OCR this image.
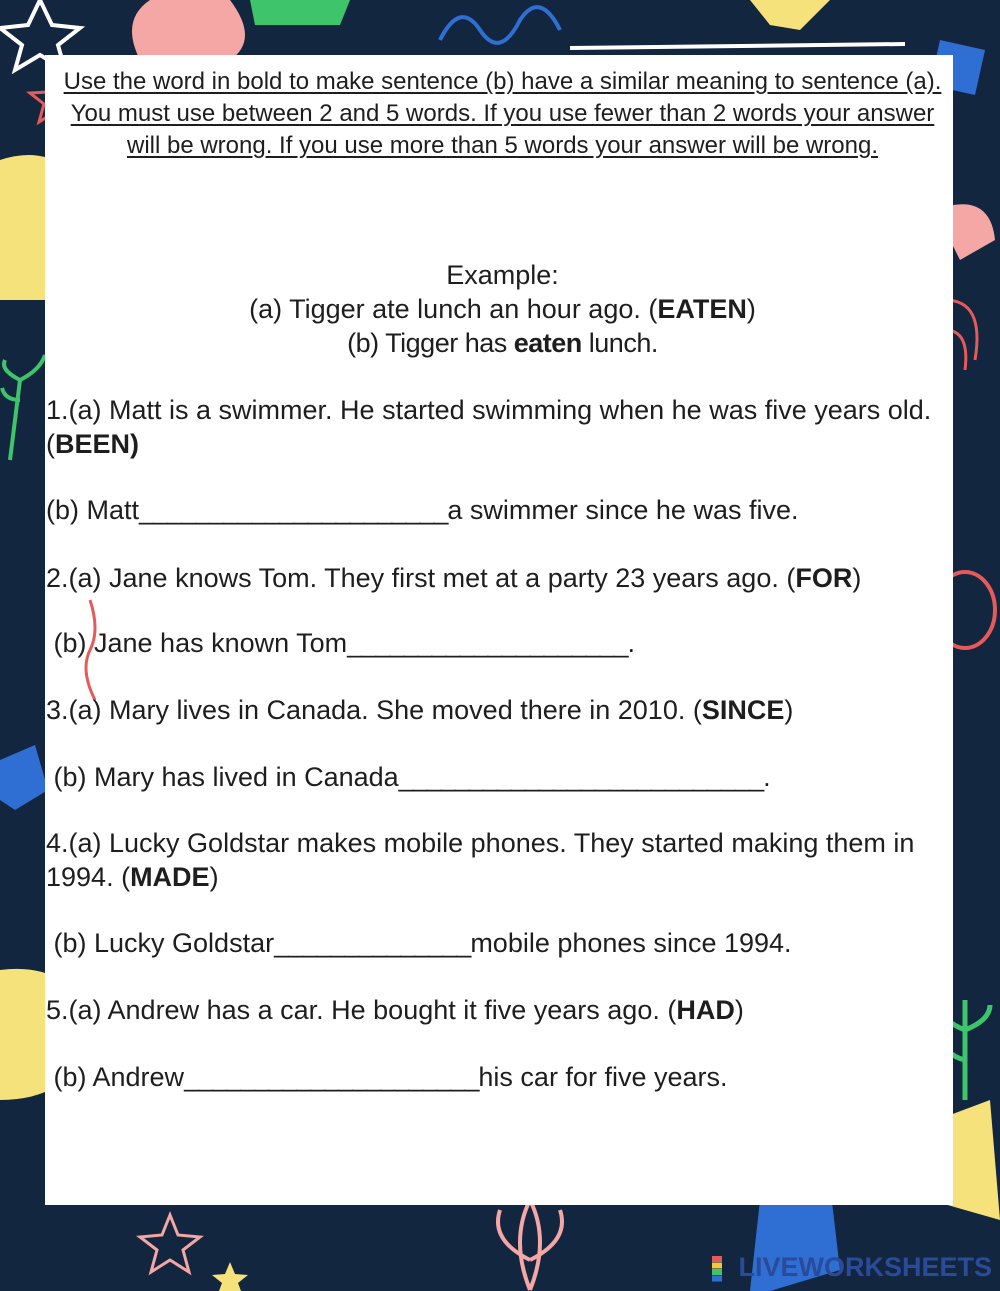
Use the word in bold to make sentence (b) have a similar meaning to sentence (a).

You must use between 2 and 5 words. If you use fewer than 2 words your answer will be wrong. If you use more than 5 words your answer will be wrong.

Example:
(a) Tigger ate lunch an hour ago. (EATEN)
(b) Tigger has eaten lunch.
1.(a) Matt is a swimmer. He started swimming when he was five years old. (BEEN)
(b) Matt______________________a swimmer since he was five.
2.(a) Jane knows Tom. They first met at a party 23 years ago. (FOR)
(b) Jane has known Tom____________________.
3.(a) Mary lives in Canada. She moved there in 2010. (SINCE)
(b) Mary has lived in Canada__________________________.
4.(a) Lucky Goldstar makes mobile phones. They started making them in 1994. (MADE)
(b) Lucky Goldstar______________mobile phones since 1994.
5.(a) Andrew has a car. He bought it five years ago. (HAD)
(b) Andrew_____________________his car for five years.
LIVEWORKSHEETS
